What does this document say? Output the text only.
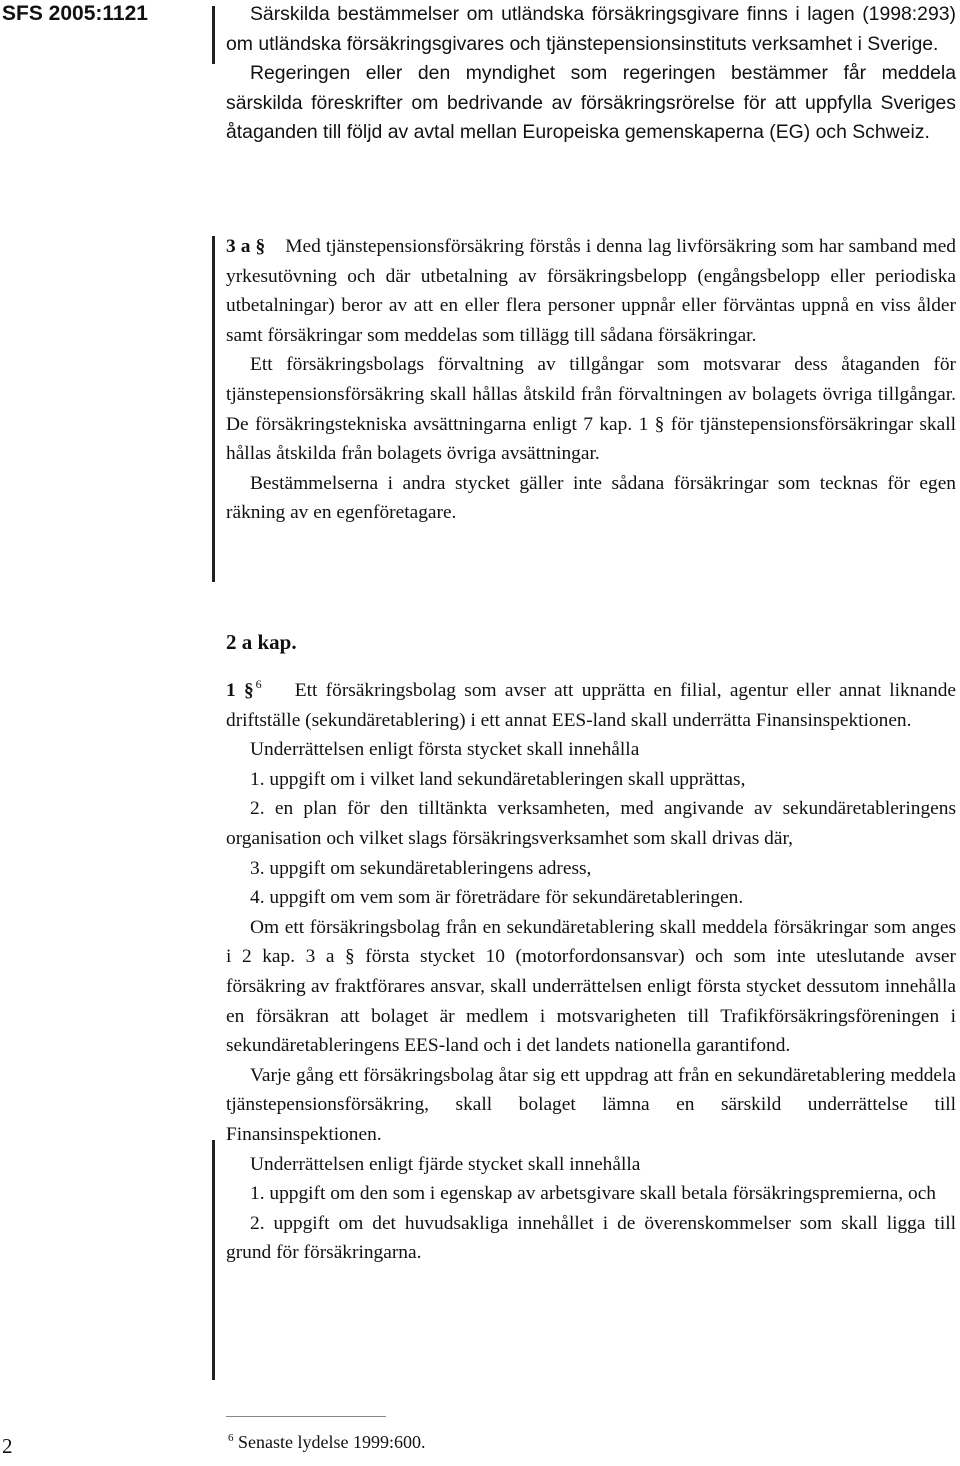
SFS 2005:1121	Särskilda bestämmelser om utländska försäkringsgivare finns i lagen (1998:293) om utländska försäkringsgivares och tjänstepensionsinstituts verksamhet i Sverige.

Regeringen eller den myndighet som regeringen bestämmer får meddela särskilda föreskrifter om bedrivande av försäkringsrörelse för att uppfylla Sveriges åtaganden till följd av avtal mellan Europeiska gemenskaperna (EG) och Schweiz.

3 a § Med tjänstepensionsförsäkring förstås i denna lag livförsäkring som har samband med yrkesutövning och där utbetalning av försäkringsbelopp (engångsbelopp eller periodiska utbetalningar) beror av att en eller flera personer uppnår eller förväntas uppnå en viss ålder samt försäkringar som meddelas som tillägg till sådana försäkringar.

Ett försäkringsbolags förvaltning av tillgångar som motsvarar dess åtaganden för tjänstepensionsförsäkring skall hållas åtskild från förvaltningen av bolagets övriga tillgångar. De försäkringstekniska avsättningarna enligt 7 kap. 1 § för tjänstepensionsförsäkringar skall hållas åtskilda från bolagets övriga avsättningar.

Bestämmelserna i andra stycket gäller inte sådana försäkringar som tecknas för egen räkning av en egenföretagare.

2 a kap.

1 § $^6$ Ett försäkringsbolag som avser att upprätta en filial, agentur eller annat liknande driftställe (sekundäretablering) i ett annat EES-land skall underrätta Finansinspektionen.

Underrättelsen enligt första stycket skall innehålla

1. uppgift om i vilket land sekundäretableringen skall upprättas,

2. en plan för den tilltänkta verksamheten, med angivande av sekundäretableringens organisation och vilket slags försäkringsverksamhet som skall drivas där,

3. uppgift om sekundäretableringens adress,

4. uppgift om vem som är företrädare för sekundäretableringen.

Om ett försäkringsbolag från en sekundäretablering skall meddela försäkringar som anges i 2 kap. 3 a § första stycket 10 (motorfordonsansvar) och som inte uteslutande avser försäkring av fraktförares ansvar, skall underrättelsen enligt första stycket dessutom innehålla en försäkran att bolaget är medlem i motsvarigheten till Trafikförsäkringsföreningen i sekundäretableringens EES-land och i det landets nationella garantifond.

Varje gång ett försäkringsbolag åtar sig ett uppdrag att från en sekundäretablering meddela tjänstepensionsförsäkring, skall bolaget lämna en särskild underrättelse till Finansinspektionen.

Underrättelsen enligt fjärde stycket skall innehålla

1. uppgift om den som i egenskap av arbetsgivare skall betala försäkringspremierna, och

2. uppgift om det huvudsakliga innehållet i de överenskommelser som skall ligga till grund för försäkringarna.

2	$^6$ Senaste lydelse 1999:600.
